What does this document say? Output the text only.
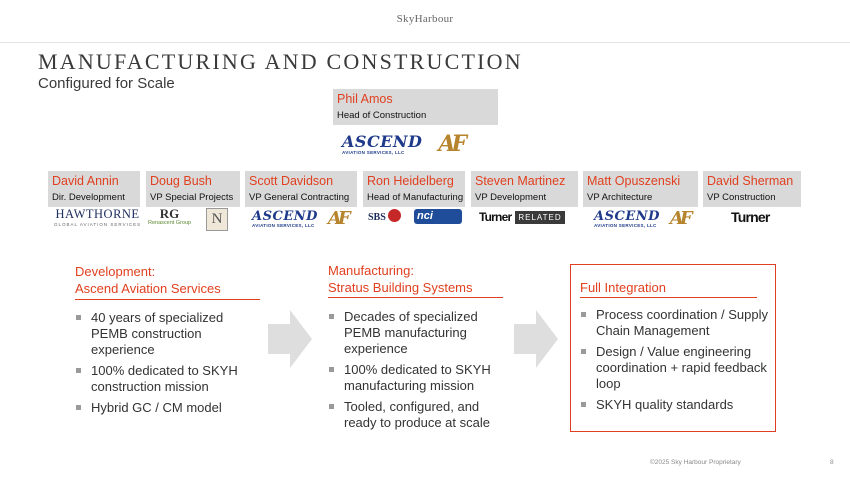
SkyHarbour
MANUFACTURING AND CONSTRUCTION
Configured for Scale
Phil Amos
Head of Construction
ASCEND
AVIATION SERVICES, LLC	AF
David Annin
Dir. Development
Doug Bush
VP Special Projects
Scott Davidson
VP General Contracting
Ron Heidelberg
Head of Manufacturing
Steven Martinez
VP Development
Matt Opuszenski
VP Architecture
David Sherman
VP Construction
HAWTHORNE
GLOBAL AVIATION SERVICES
RG
Renascent Group	N	ASCEND
AVIATION SERVICES, LLC AF SBS	nci	Turner RELATED ASCEND
AVIATION SERVICES, LLC AF	Turner
Development:
Ascend Aviation Services
40 years of specialized PEMB construction experience
100% dedicated to SKYH construction mission
Hybrid GC / CM model
Manufacturing:
Stratus Building Systems
Decades of specialized PEMB manufacturing experience
100% dedicated to SKYH manufacturing mission
Tooled, configured, and ready to produce at scale
Full Integration
Process coordination / Supply Chain Management
Design / Value engineering coordination + rapid feedback loop
SKYH quality standards
©2025 Sky Harbour Proprietary	8
